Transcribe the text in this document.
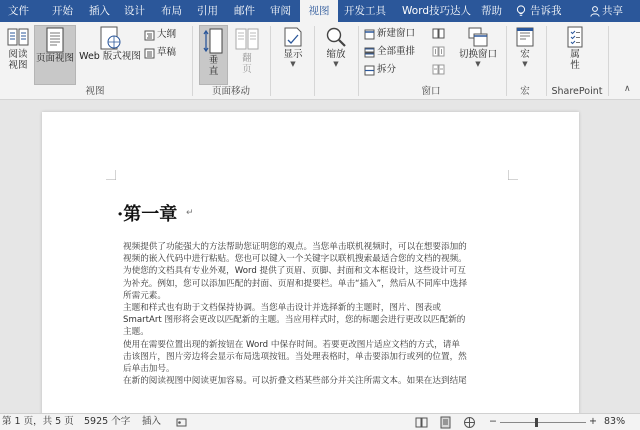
文件 开始 插入 设计 布局 引用 邮件 审阅	视图	开发工具 Word技巧达人 帮助	告诉我	共享
阅读
视图
页面视图 Web 版式视图
大纲
草稿
视图
垂
直
翻
页
页面移动
显示
▼
缩放
▼
新建窗口
全部重排
拆分
切换窗口
▼
窗口
宏
▼
宏
属
性
SharePoint	∧
·第一章 ↵
视频提供了功能强大的方法帮助您证明您的观点。当您单击联机视频时，可以在想要添加的
视频的嵌入代码中进行粘贴。您也可以键入一个关键字以联机搜索最适合您的文档的视频。
为使您的文档具有专业外观，Word 提供了页眉、页脚、封面和文本框设计，这些设计可互
为补充。例如，您可以添加匹配的封面、页眉和提要栏。单击“插入”，然后从不同库中选择
所需元素。
主题和样式也有助于文档保持协调。当您单击设计并选择新的主题时，图片、图表或
SmartArt 图形将会更改以匹配新的主题。当应用样式时，您的标题会进行更改以匹配新的
主题。
使用在需要位置出现的新按钮在 Word 中保存时间。若要更改图片适应文档的方式，请单
击该图片，图片旁边将会显示布局选项按钮。当处理表格时，单击要添加行或列的位置，然
后单击加号。
在新的阅读视图中阅读更加容易。可以折叠文档某些部分并关注所需文本。如果在达到结尾
第 1 页，共 5 页 5925 个字 插入	−	+ 83%
